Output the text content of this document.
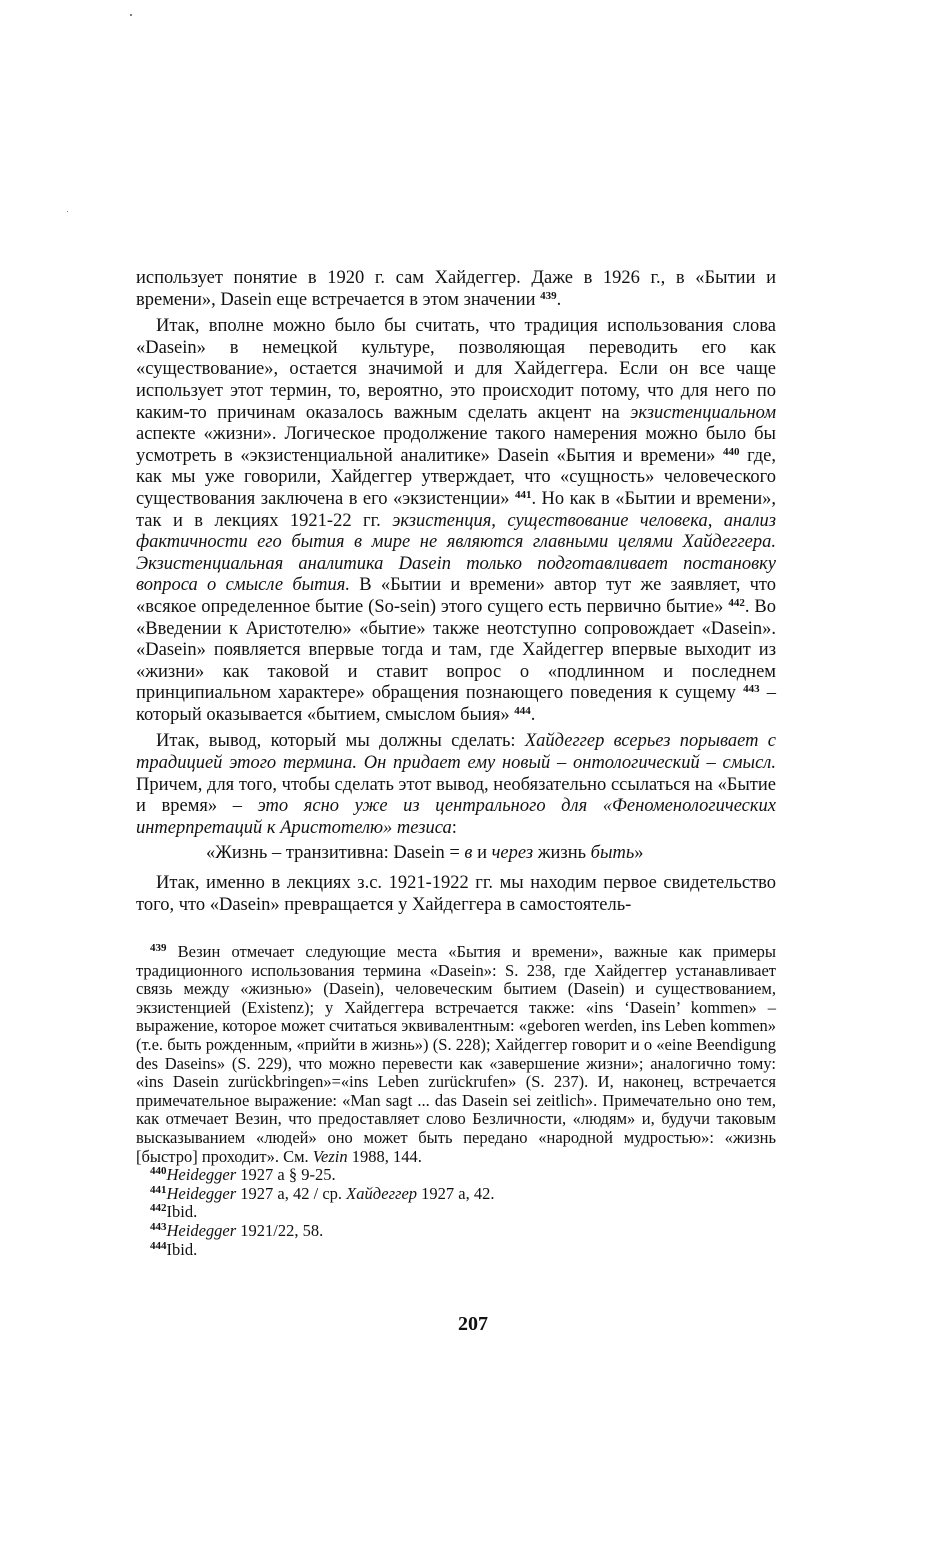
использует понятие в 1920 г. сам Хайдеггер. Даже в 1926 г., в «Бытии и времени», Dasein еще встречается в этом значении $^{439}$.

Итак, вполне можно было бы считать, что традиция использования слова «Dasein» в немецкой культуре, позволяющая переводить его как «существование», остается значимой и для Хайдеггера. Если он все чаще использует этот термин, то, вероятно, это происходит потому, что для него по каким-то причинам оказалось важным сделать акцент на экзистенциальном аспекте «жизни». Логическое продолжение такого намерения можно было бы усмотреть в «экзистенциальной аналитике» Dasein «Бытия и времени» $^{440}$ где, как мы уже говорили, Хайдеггер утверждает, что «сущность» человеческого существования заключена в его «экзистенции» $^{441}$. Но как в «Бытии и времени», так и в лекциях 1921-22 гг. экзистенция, существование человека, анализ фактичности его бытия в мире не являются главными целями Хайдеггера. Экзистенциальная аналитика Dasein только подготавливает постановку вопроса о смысле бытия. В «Бытии и времени» автор тут же заявляет, что «всякое определенное бытие (So-sein) этого сущего есть первично бытие» $^{442}$. Во «Введении к Аристотелю» «бытие» также неотступно сопровождает «Dasein». «Dasein» появляется впервые тогда и там, где Хайдеггер впервые выходит из «жизни» как таковой и ставит вопрос о «подлинном и последнем принципиальном характере» обращения познающего поведения к сущему $^{443}$ – который оказывается «бытием, смыслом быия» $^{444}$.

Итак, вывод, который мы должны сделать: Хайдеггер всерьез порывает с традицией этого термина. Он придает ему новый – онтологический – смысл. Причем, для того, чтобы сделать этот вывод, необязательно ссылаться на «Бытие и время» – это ясно уже из центрального для «Феноменологических интерпретаций к Аристотелю» тезиса:

«Жизнь – транзитивна: Dasein = в и через жизнь быть»

Итак, именно в лекциях з.с. 1921-1922 гг. мы находим первое свидетельство того, что «Dasein» превращается у Хайдеггера в самостоятель-

$^{439}$ Везин отмечает следующие места «Бытия и времени», важные как примеры традиционного использования термина «Dasein»: S. 238, где Хайдеггер устанавливает связь между «жизнью» (Dasein), человеческим бытием (Dasein) и существованием, экзистенцией (Existenz); у Хайдеггера встречается также: «ins ‘Dasein’ kommen» – выражение, которое может считаться эквивалентным: «geboren werden, ins Leben kommen» (т.е. быть рожденным, «прийти в жизнь») (S. 228); Хайдеггер говорит и о «eine Beendigung des Daseins» (S. 229), что можно перевести как «завершение жизни»; аналогично тому: «ins Dasein zurückbringen»=«ins Leben zurückrufen» (S. 237). И, наконец, встречается примечательное выражение: «Man sagt ... das Dasein sei zeitlich». Примечательно оно тем, как отмечает Везин, что предоставляет слово Безличности, «людям» и, будучи таковым высказыванием «людей» оно может быть передано «народной мудростью»: «жизнь [быстро] проходит». См. Vezin 1988, 144.

$^{440}$Heidegger 1927 a § 9-25.

$^{441}$Heidegger 1927 a, 42 / ср. Хайдеггер 1927 a, 42.

$^{442}$Ibid.

$^{443}$Heidegger 1921/22, 58.

$^{444}$Ibid.

207
